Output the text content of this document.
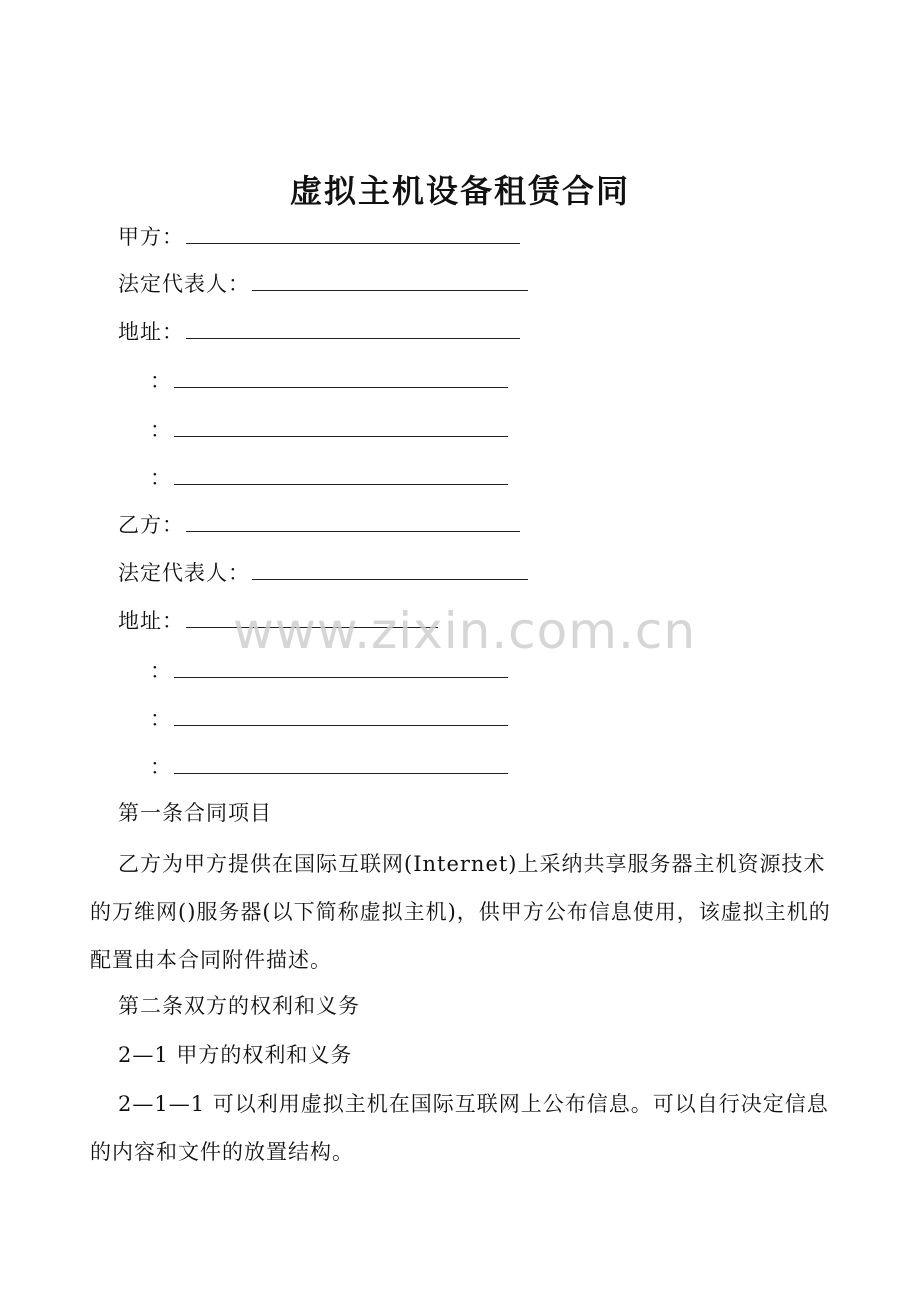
虚拟主机设备租赁合同
甲方：
法定代表人：
地址：
：
：
：
乙方：
法定代表人：
地址：
：
：
：
www.zixin.com.cn
第一条合同项目
乙方为甲方提供在国际互联网(Internet)上采纳共享服务器主机资源技术的万维网()服务器(以下简称虚拟主机)，供甲方公布信息使用，该虚拟主机的配置由本合同附件描述。
第二条双方的权利和义务
2—1 甲方的权利和义务
2—1—1 可以利用虚拟主机在国际互联网上公布信息。可以自行决定信息的内容和文件的放置结构。
